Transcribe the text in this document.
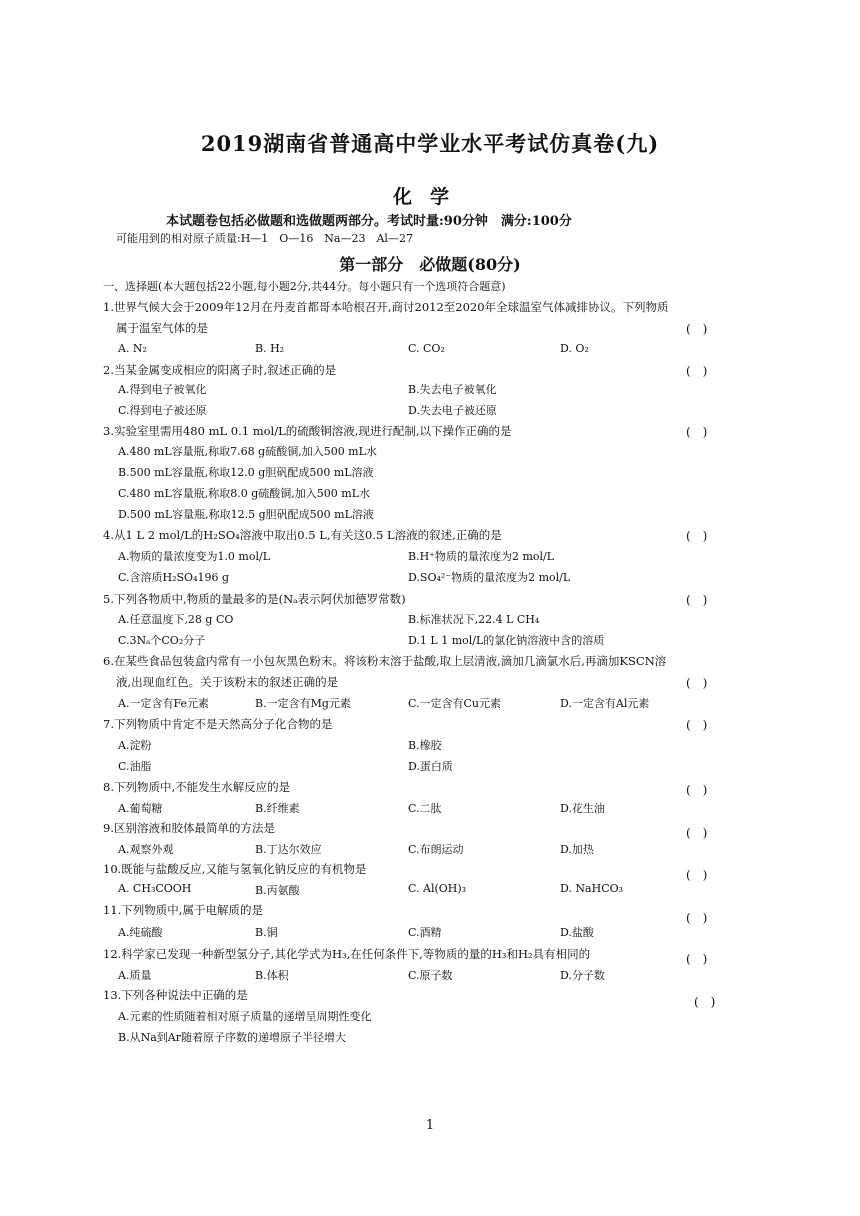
2019湖南省普通高中学业水平考试仿真卷(九)
化学
本试题卷包括必做题和选做题两部分。考试时量:90分钟　满分:100分
可能用到的相对原子质量:H—1　O—16　Na—23　Al—27
第一部分　必做题(80分)
一、选择题(本大题包括22小题,每小题2分,共44分。每小题只有一个选项符合题意)
1.世界气候大会于2009年12月在丹麦首都哥本哈根召开,商讨2012至2020年全球温室气体减排协议。下列物质
属于温室气体的是	(　)
A. N₂	B. H₂	C. CO₂	D. O₂
2.当某金属变成相应的阳离子时,叙述正确的是	(　)
A.得到电子被氧化	B.失去电子被氧化
C.得到电子被还原	D.失去电子被还原
3.实验室里需用480 mL 0.1 mol/L的硫酸铜溶液,现进行配制,以下操作正确的是	(　)
A.480 mL容量瓶,称取7.68 g硫酸铜,加入500 mL水
B.500 mL容量瓶,称取12.0 g胆矾配成500 mL溶液
C.480 mL容量瓶,称取8.0 g硫酸铜,加入500 mL水
D.500 mL容量瓶,称取12.5 g胆矾配成500 mL溶液
4.从1 L 2 mol/L的H₂SO₄溶液中取出0.5 L,有关这0.5 L溶液的叙述,正确的是	(　)
A.物质的量浓度变为1.0 mol/L	B.H⁺物质的量浓度为2 mol/L
C.含溶质H₂SO₄196 g	D.SO₄²⁻物质的量浓度为2 mol/L
5.下列各物质中,物质的量最多的是(Nₐ表示阿伏加德罗常数)	(　)
A.任意温度下,28 g CO	B.标准状况下,22.4 L CH₄
C.3Nₐ个CO₂分子	D.1 L 1 mol/L的氯化钠溶液中含的溶质
6.在某些食品包装盒内常有一小包灰黑色粉末。将该粉末溶于盐酸,取上层清液,滴加几滴氯水后,再滴加KSCN溶
液,出现血红色。关于该粉末的叙述正确的是	(　)
A.一定含有Fe元素	B.一定含有Mg元素	C.一定含有Cu元素	D.一定含有Al元素
7.下列物质中肯定不是天然高分子化合物的是	(　)
A.淀粉	B.橡胶
C.油脂	D.蛋白质
8.下列物质中,不能发生水解反应的是	(　)
A.葡萄糖	B.纤维素	C.二肽	D.花生油
9.区别溶液和胶体最简单的方法是	(　)
A.观察外观	B.丁达尔效应	C.布朗运动	D.加热
10.既能与盐酸反应,又能与氢氧化钠反应的有机物是	(　)
A. CH₃COOH	B.丙氨酸	C. Al(OH)₃	D. NaHCO₃
11.下列物质中,属于电解质的是
(　)
A.纯硫酸	B.铜	C.酒精	D.盐酸
12.科学家已发现一种新型氢分子,其化学式为H₃,在任何条件下,等物质的量的H₃和H₂具有相同的	(　)
A.质量	B.体积	C.原子数	D.分子数
13.下列各种说法中正确的是	(　)
A.元素的性质随着相对原子质量的递增呈周期性变化
B.从Na到Ar随着原子序数的递增原子半径增大
1
